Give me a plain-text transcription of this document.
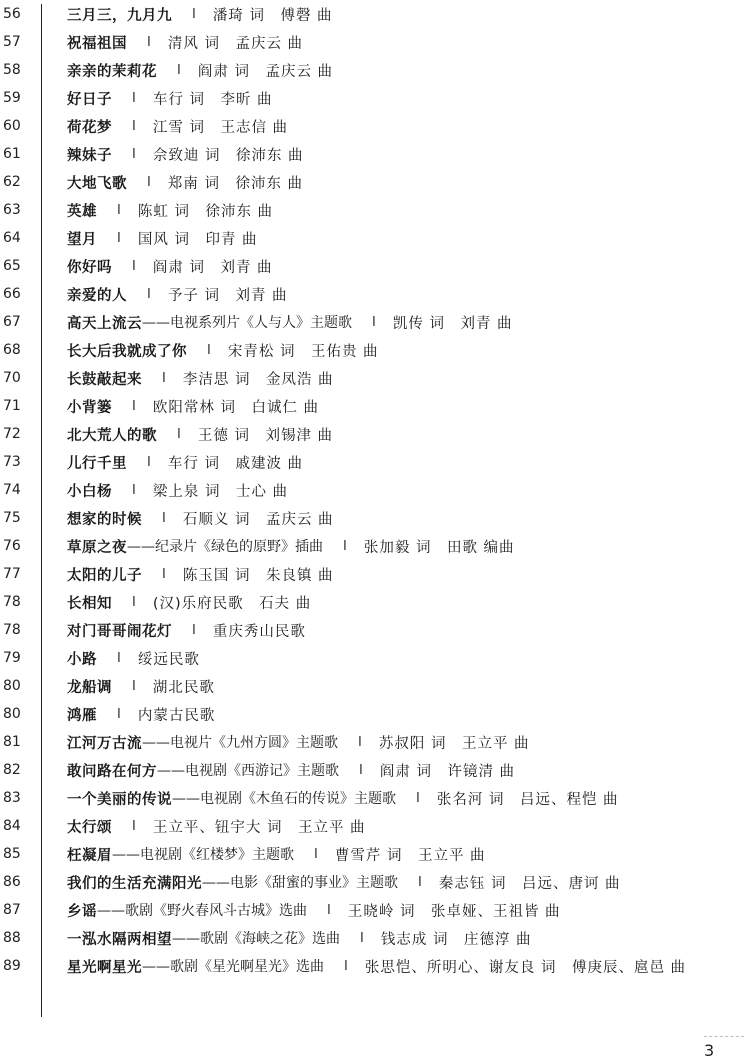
56	三月三，九月九 Ⅰ 潘琦 词　傅磬 曲
57	祝福祖国 Ⅰ 清风 词　孟庆云 曲
58	亲亲的茉莉花 Ⅰ 阎肃 词　孟庆云 曲
59	好日子 Ⅰ 车行 词　李昕 曲
60	荷花梦 Ⅰ 江雪 词　王志信 曲
61	辣妹子 Ⅰ 佘致迪 词　徐沛东 曲
62	大地飞歌 Ⅰ 郑南 词　徐沛东 曲
63	英雄 Ⅰ 陈虹 词　徐沛东 曲
64	望月 Ⅰ 国风 词　印青 曲
65	你好吗 Ⅰ 阎肃 词　刘青 曲
66	亲爱的人 Ⅰ 予子 词　刘青 曲
67	高天上流云 ——电视系列片《人与人》主题歌 Ⅰ 凯传 词　刘青 曲
68	长大后我就成了你 Ⅰ 宋青松 词　王佑贵 曲
70	长鼓敲起来 Ⅰ 李洁思 词　金凤浩 曲
71	小背篓 Ⅰ 欧阳常林 词　白诚仁 曲
72	北大荒人的歌 Ⅰ 王德 词　刘锡津 曲
73	儿行千里 Ⅰ 车行 词　戚建波 曲
74	小白杨 Ⅰ 梁上泉 词　士心 曲
75	想家的时候 Ⅰ 石顺义 词　孟庆云 曲
76	草原之夜 ——纪录片《绿色的原野》插曲 Ⅰ 张加毅 词　田歌 编曲
77	太阳的儿子 Ⅰ 陈玉国 词　朱良镇 曲
78	长相知 Ⅰ (汉)乐府民歌　石夫 曲
78	对门哥哥闹花灯 Ⅰ 重庆秀山民歌
79	小路 Ⅰ 绥远民歌
80	龙船调 Ⅰ 湖北民歌
80	鸿雁 Ⅰ 内蒙古民歌
81	江河万古流 ——电视片《九州方圆》主题歌 Ⅰ 苏叔阳 词　王立平 曲
82	敢问路在何方 ——电视剧《西游记》主题歌 Ⅰ 阎肃 词　许镜清 曲
83	一个美丽的传说 ——电视剧《木鱼石的传说》主题歌 Ⅰ 张名河 词　吕远、程恺 曲
84	太行颂 Ⅰ 王立平、钮宇大 词　王立平 曲
85	枉凝眉 ——电视剧《红楼梦》主题歌 Ⅰ 曹雪芹 词　王立平 曲
86	我们的生活充满阳光 ——电影《甜蜜的事业》主题歌 Ⅰ 秦志钰 词　吕远、唐诃 曲
87	乡谣 ——歌剧《野火春风斗古城》选曲 Ⅰ 王晓岭 词　张卓娅、王祖皆 曲
88	一泓水隔两相望 ——歌剧《海峡之花》选曲 Ⅰ 钱志成 词　庄德淳 曲
89	星光啊星光 ——歌剧《星光啊星光》选曲 Ⅰ 张思恺、所明心、谢友良 词　傅庚辰、扈邑 曲
3
